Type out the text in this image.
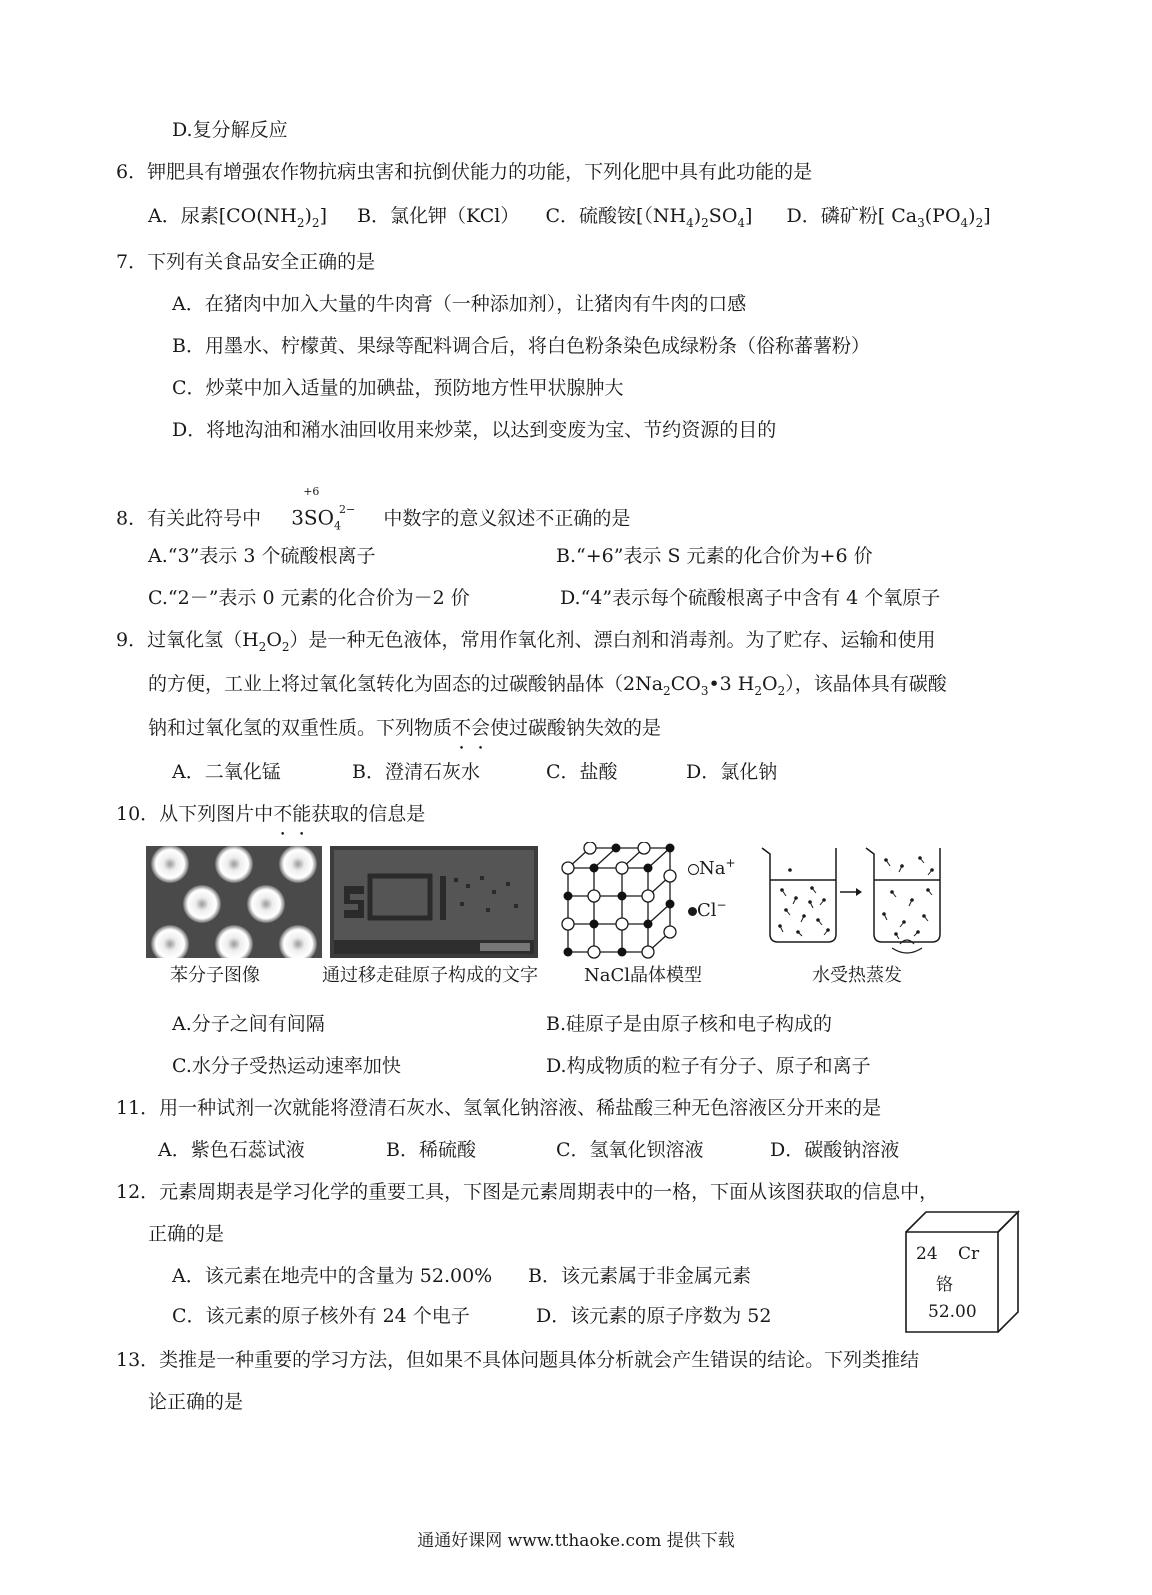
D.复分解反应
6．钾肥具有增强农作物抗病虫害和抗倒伏能力的功能，下列化肥中具有此功能的是
A．尿素$[CO(NH_2)_2]$ B．氯化钾（KCl） C．硫酸铵$[(NH_4)_2SO_4]$ D．磷矿粉[ $Ca_3(PO_4)_2$]
7．下列有关食品安全正确的是
A．在猪肉中加入大量的牛肉膏（一种添加剂），让猪肉有牛肉的口感
B．用墨水、柠檬黄、果绿等配料调合后，将白色粉条染色成绿粉条（俗称蕃薯粉）
C．炒菜中加入适量的加碘盐，预防地方性甲状腺肿大
D．将地沟油和潲水油回收用来炒菜，以达到变废为宝、节约资源的目的
8．有关此符号中
+6
$3SO_4^{2-}$ 中数字的意义叙述不正确的是
A.“3”表示 3 个硫酸根离子	B.“+6”表示 S 元素的化合价为+6 价
C.“2－”表示 0 元素的化合价为－2 价	D.“4”表示每个硫酸根离子中含有 4 个氧原子
9．过氧化氢$(H_2O_2)$是一种无色液体，常用作氧化剂、漂白剂和消毒剂。为了贮存、运输和使用
的方便，工业上将过氧化氢转化为固态的过碳酸钠晶体（$2Na_2CO_3•3$ $H_2O_2$），该晶体具有碳酸
钠和过氧化氢的双重性质。下列物质不会使过碳酸钠失效的是
A．二氧化锰	B．澄清石灰水	C．盐酸	D．氯化钠
10．从下列图片中不能获取的信息是
苯分子图像	通过移走硅原子构成的文字
Na+
Cl−
NaCl晶体模型	水受热蒸发
A.分子之间有间隔	B.硅原子是由原子核和电子构成的
C.水分子受热运动速率加快	D.构成物质的粒子有分子、原子和离子
11．用一种试剂一次就能将澄清石灰水、氢氧化钠溶液、稀盐酸三种无色溶液区分开来的是
A．紫色石蕊试液	B．稀硫酸	C．氢氧化钡溶液	D．碳酸钠溶液
12．元素周期表是学习化学的重要工具，下图是元素周期表中的一格，下面从该图获取的信息中，
正确的是
A．该元素在地壳中的含量为 52.00% B．该元素属于非金属元素
C．该元素的原子核外有 24 个电子	D．该元素的原子序数为 52
24 Cr
铬
52.00
13．类推是一种重要的学习方法，但如果不具体问题具体分析就会产生错误的结论。下列类推结
论正确的是
通通好课网 www.tthaoke.com 提供下载
